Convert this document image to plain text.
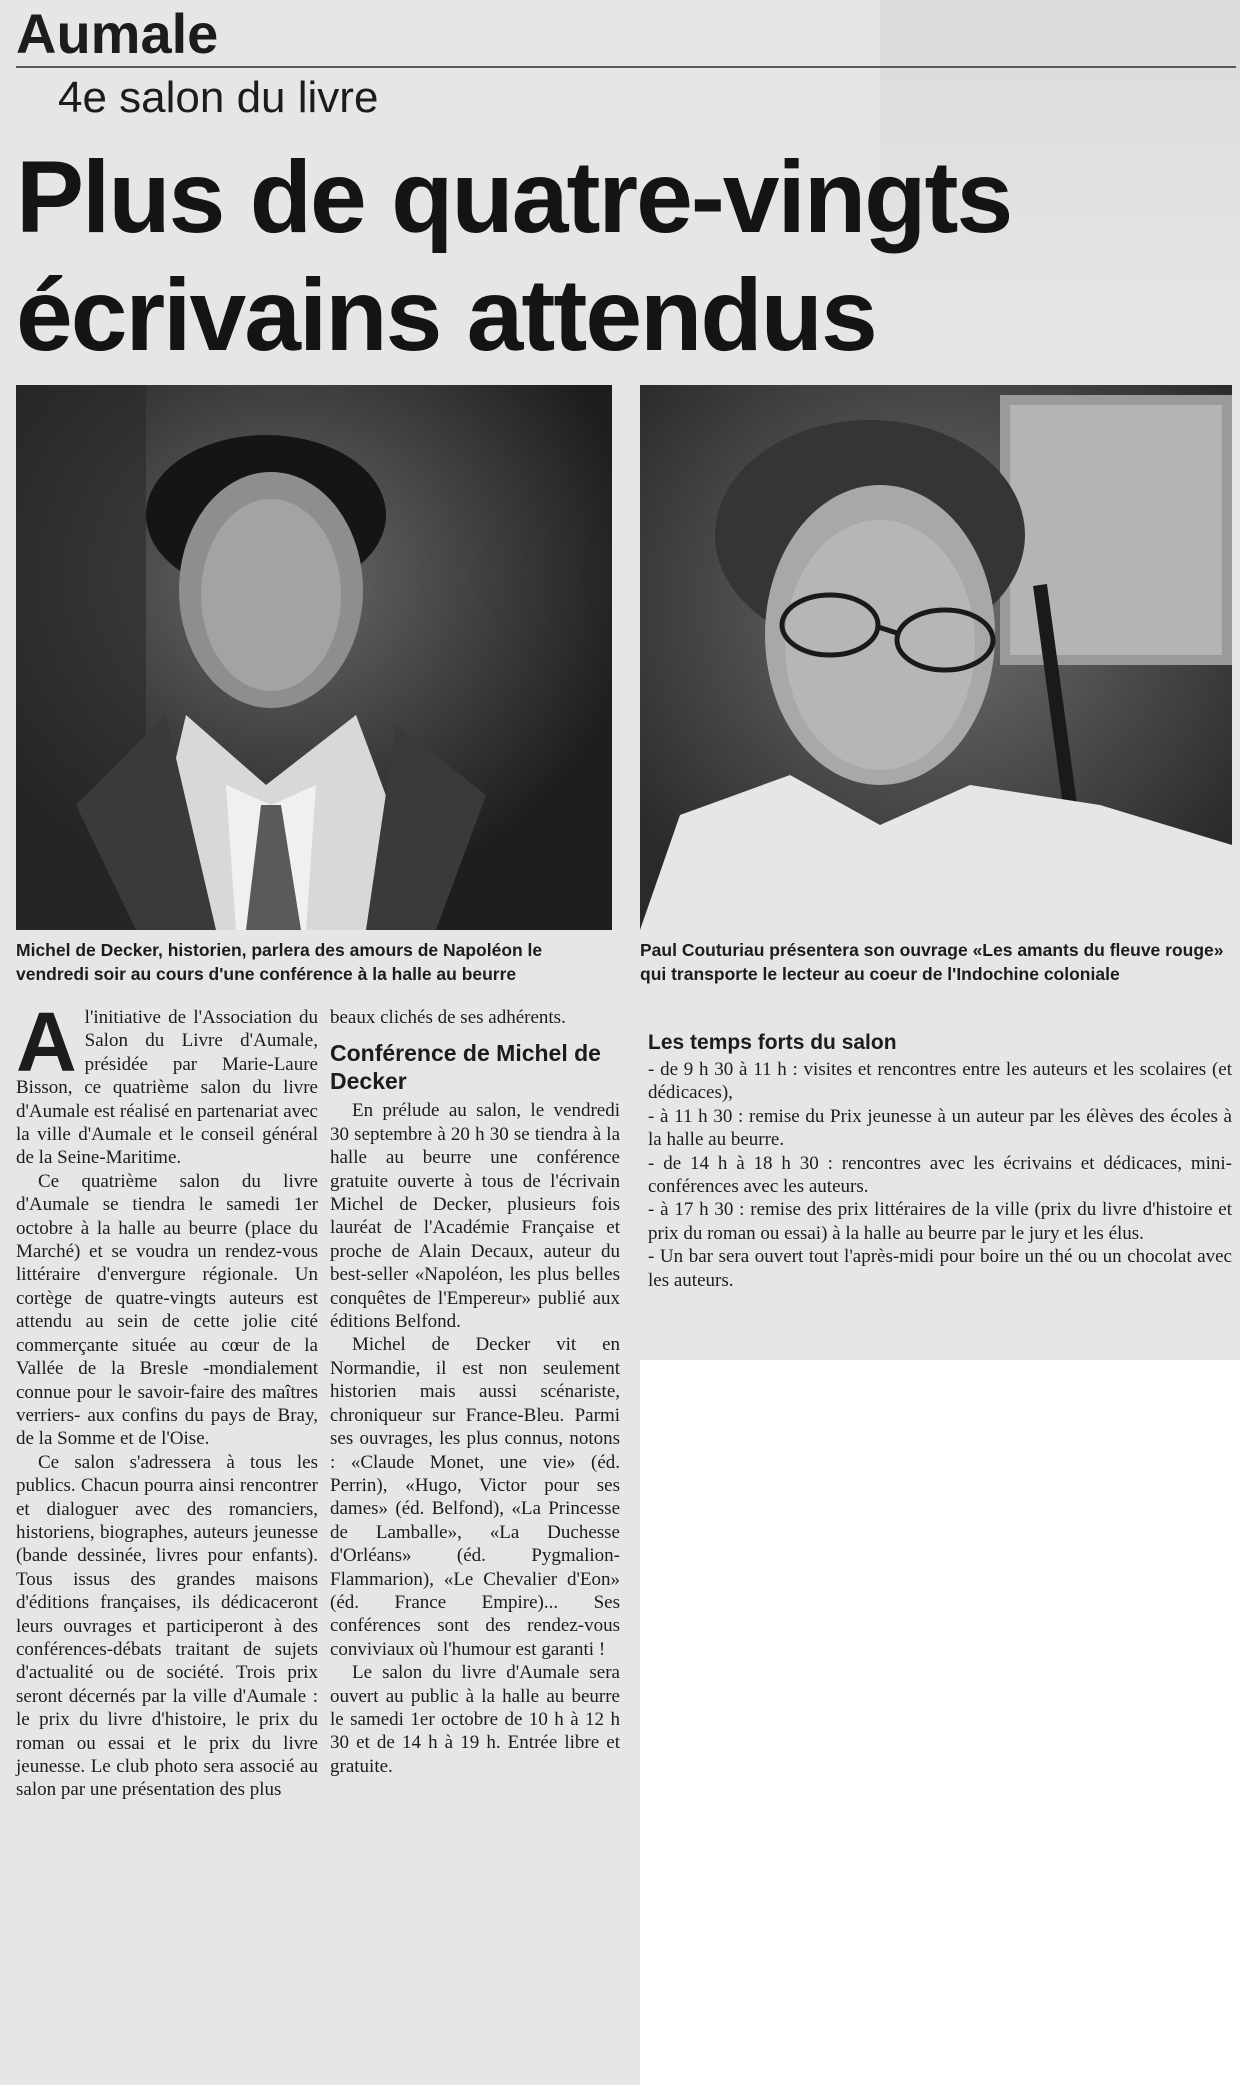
Aumale
4e salon du livre
Plus de quatre-vingts écrivains attendus
Michel de Decker, historien, parlera des amours de Napoléon le vendredi soir au cours d'une conférence à la halle au beurre
Paul Couturiau présentera son ouvrage «Les amants du fleuve rouge» qui transporte le lecteur au coeur de l'Indochine coloniale

Al'initiative de l'Association du Salon du Livre d'Aumale, présidée par Marie-Laure Bisson, ce quatrième salon du livre d'Aumale est réalisé en partenariat avec la ville d'Aumale et le conseil général de la Seine-Maritime.

Ce quatrième salon du livre d'Aumale se tiendra le samedi 1er octobre à la halle au beurre (place du Marché) et se voudra un rendez-vous littéraire d'envergure régionale. Un cortège de quatre-vingts auteurs est attendu au sein de cette jolie cité commerçante située au cœur de la Vallée de la Bresle -mondialement connue pour le savoir-faire des maîtres verriers- aux confins du pays de Bray, de la Somme et de l'Oise.

Ce salon s'adressera à tous les publics. Chacun pourra ainsi rencontrer et dialoguer avec des romanciers, historiens, biographes, auteurs jeunesse (bande dessinée, livres pour enfants). Tous issus des grandes maisons d'éditions françaises, ils dédicaceront leurs ouvrages et participeront à des conférences-débats traitant de sujets d'actualité ou de société. Trois prix seront décernés par la ville d'Aumale : le prix du livre d'histoire, le prix du roman ou essai et le prix du livre jeunesse. Le club photo sera associé au salon par une présentation des plus

beaux clichés de ses adhérents.

Conférence de Michel de Decker

En prélude au salon, le vendredi 30 septembre à 20 h 30 se tiendra à la halle au beurre une conférence gratuite ouverte à tous de l'écrivain Michel de Decker, plusieurs fois lauréat de l'Académie Française et proche de Alain Decaux, auteur du best-seller «Napoléon, les plus belles conquêtes de l'Empereur» publié aux éditions Belfond.

Michel de Decker vit en Normandie, il est non seulement historien mais aussi scénariste, chroniqueur sur France-Bleu. Parmi ses ouvrages, les plus connus, notons : «Claude Monet, une vie» (éd. Perrin), «Hugo, Victor pour ses dames» (éd. Belfond), «La Princesse de Lamballe», «La Duchesse d'Orléans» (éd. Pygmalion-Flammarion), «Le Chevalier d'Eon» (éd. France Empire)... Ses conférences sont des rendez-vous conviviaux où l'humour est garanti !

Le salon du livre d'Aumale sera ouvert au public à la halle au beurre le samedi 1er octobre de 10 h à 12 h 30 et de 14 h à 19 h. Entrée libre et gratuite.

Les temps forts du salon

- de 9 h 30 à 11 h : visites et rencontres entre les auteurs et les scolaires (et dédicaces),

- à 11 h 30 : remise du Prix jeunesse à un auteur par les élèves des écoles à la halle au beurre.

- de 14 h à 18 h 30 : rencontres avec les écrivains et dédicaces, mini-conférences avec les auteurs.

- à 17 h 30 : remise des prix littéraires de la ville (prix du livre d'histoire et prix du roman ou essai) à la halle au beurre par le jury et les élus.

- Un bar sera ouvert tout l'après-midi pour boire un thé ou un chocolat avec les auteurs.
